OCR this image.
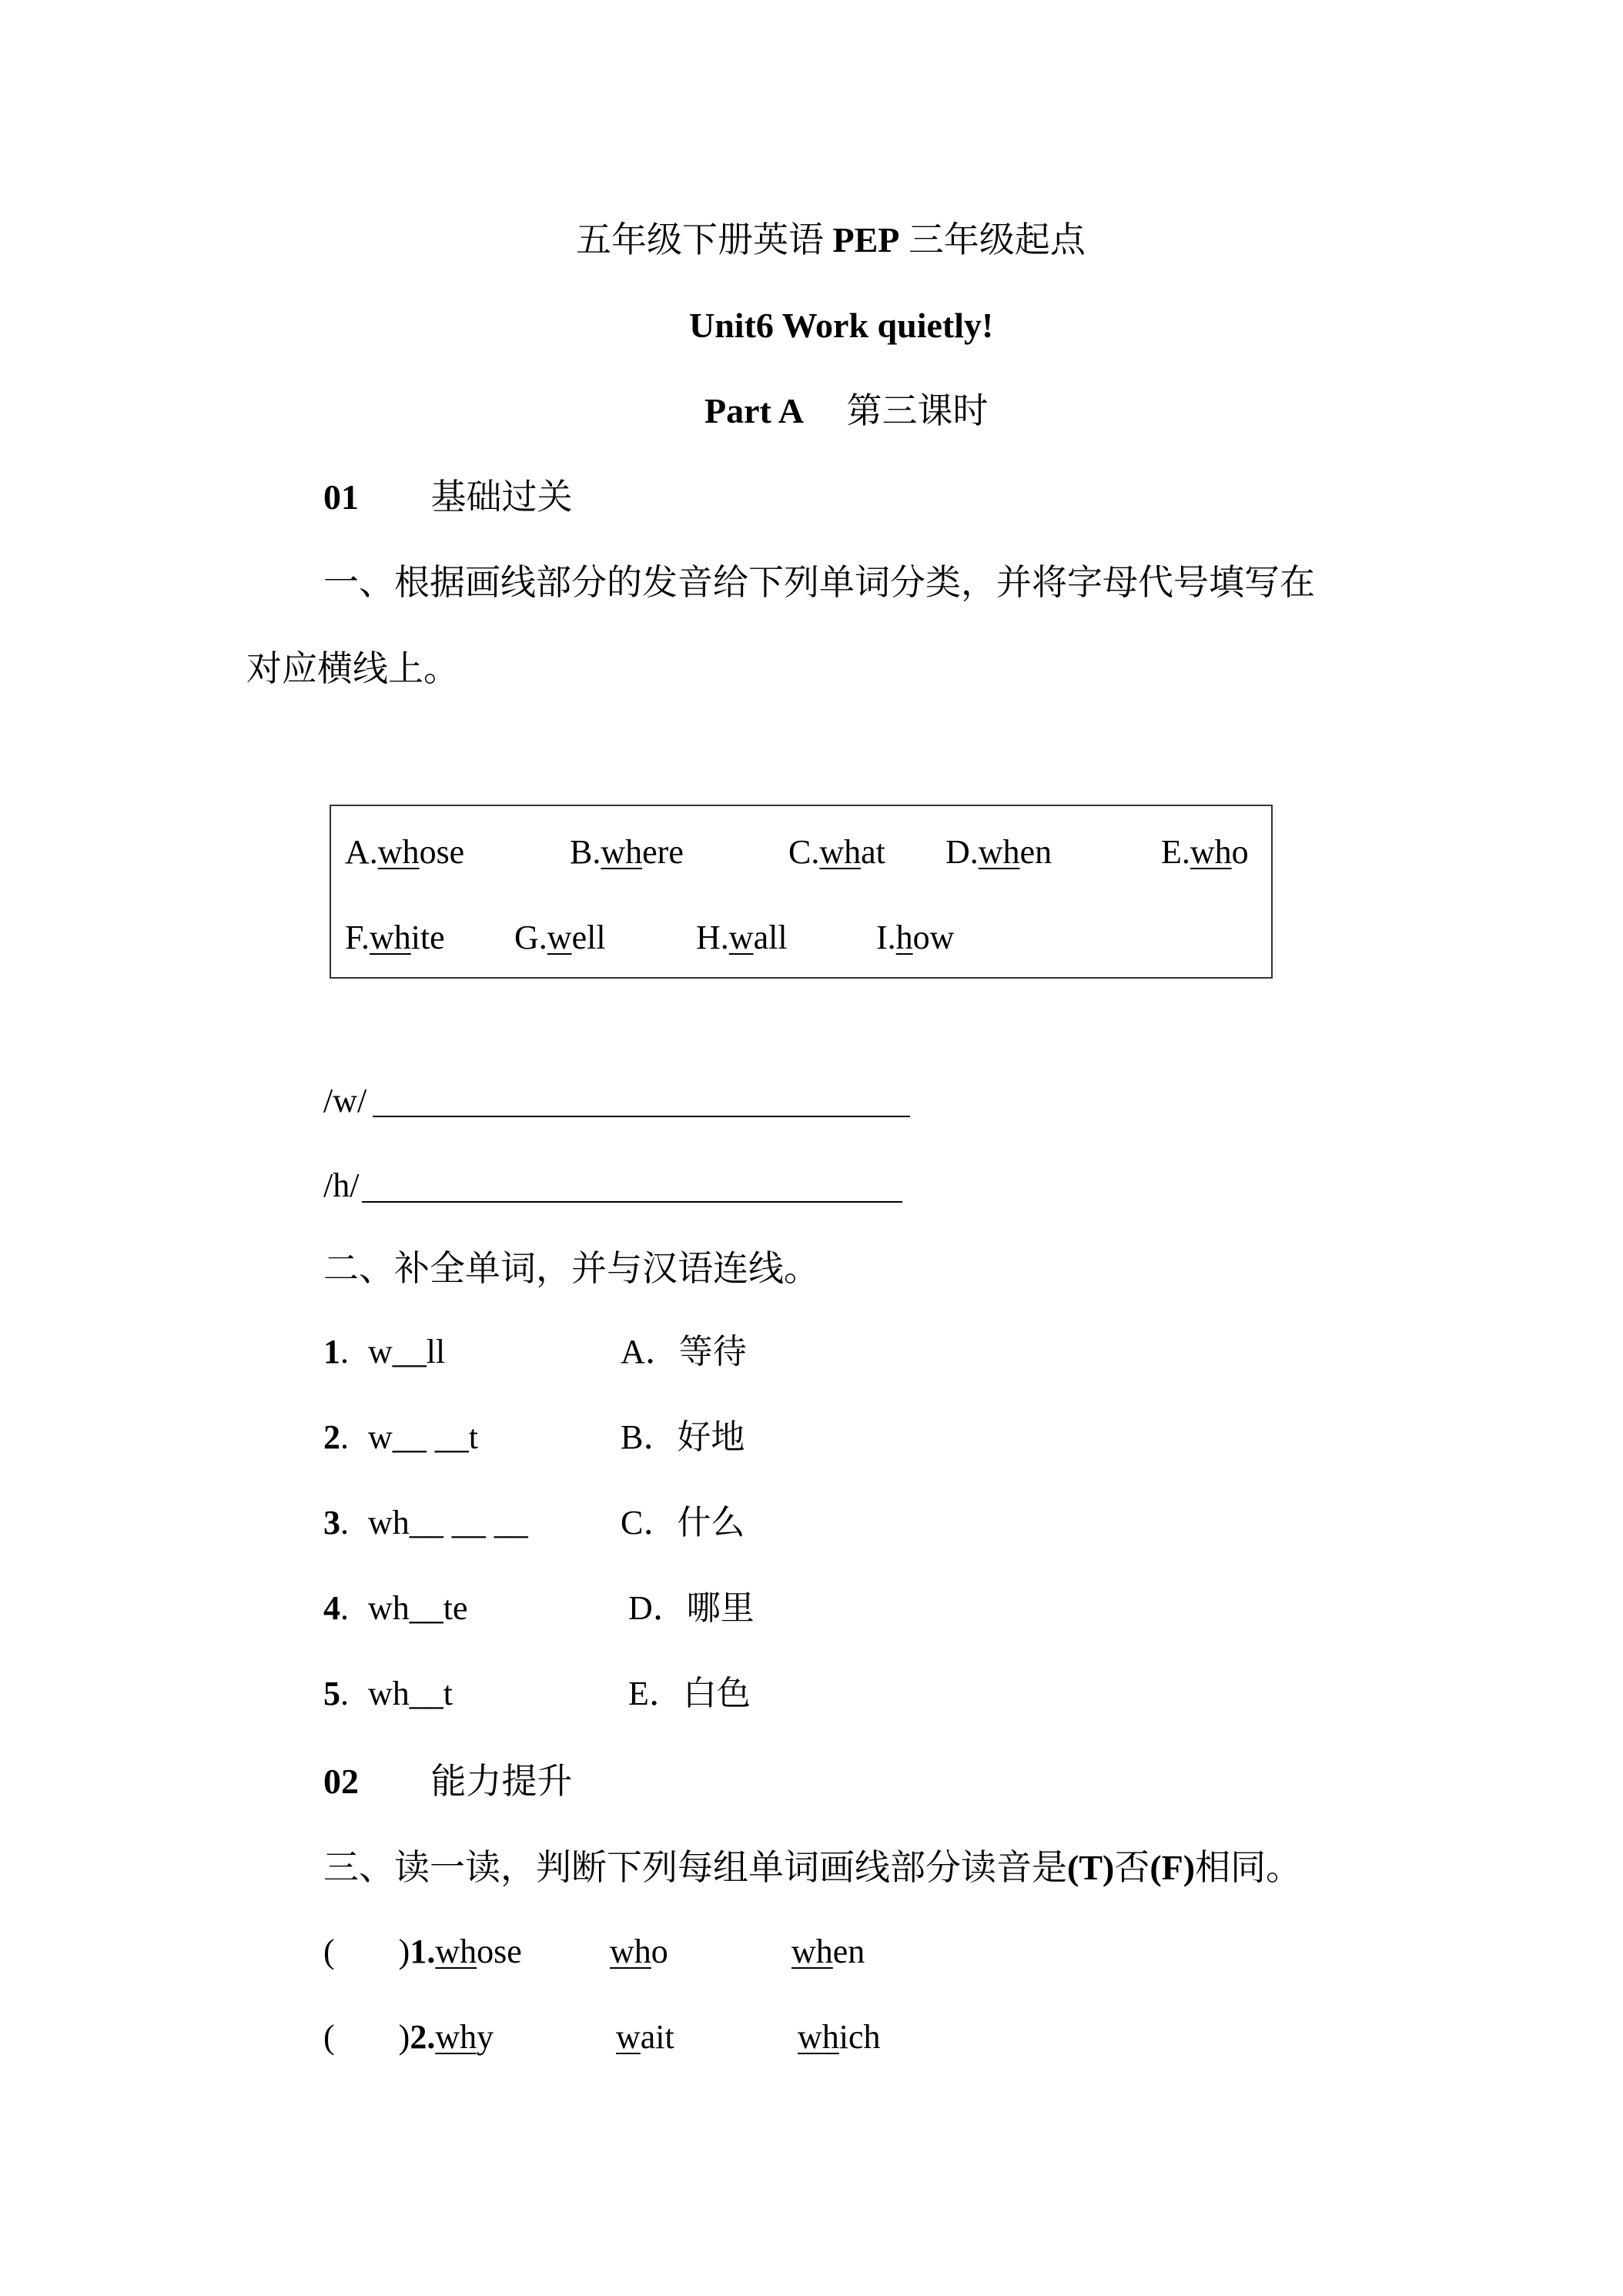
五年级下册英语 PEP 三年级起点
Unit6 Work quietly!
Part A 第三课时
01 基础过关
一、根据画线部分的发音给下列单词分类，并将字母代号填写在
对应横线上。
A.whose	B.where	C.what D.when	E.who
F.white G.well	H.wall	I.how
/w/
/h/
二、补全单词，并与汉语连线。
1. w__ll	A．等待
2. w__ __t	B．好地
3. wh__ __ __	C．什么
4. wh__te	D．哪里
5. wh__t	E．白色
02 能力提升
三、读一读，判断下列每组单词画线部分读音是(T)否(F)相同。
( )1.whose	who	when
( )2.why	wait	which
